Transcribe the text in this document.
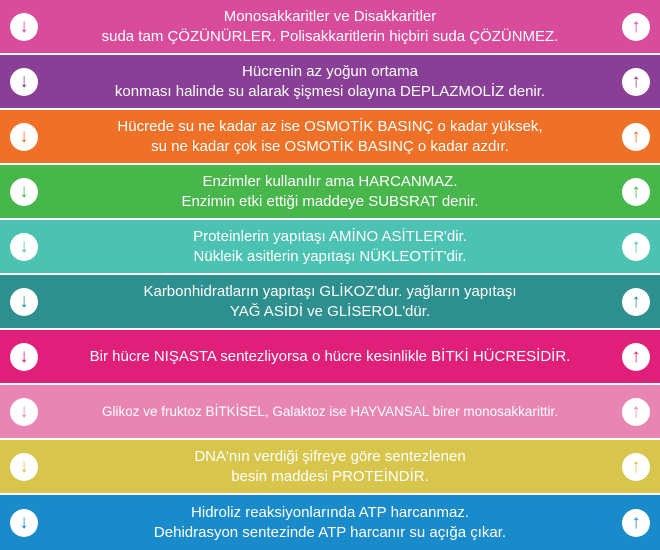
↓	Monosakkaritler ve Disakkaritler
suda tam ÇÖZÜNÜRLER. Polisakkaritlerin hiçbiri suda ÇÖZÜNMEZ.	↑
↓	Hücrenin az yoğun ortama
konması halinde su alarak şişmesi olayına DEPLAZMOLİZ denir.	↑
↓	Hücrede su ne kadar az ise OSMOTİK BASINÇ o kadar yüksek,
su ne kadar çok ise OSMOTİK BASINÇ o kadar azdır.	↑
↓	Enzimler kullanılır ama HARCANMAZ.
Enzimin etki ettiği maddeye SUBSRAT denir.	↑
↓	Proteinlerin yapıtaşı AMİNO ASİTLER'dir.
Nükleik asitlerin yapıtaşı NÜKLEOTİT'dir.	↑
↓	Karbonhidratların yapıtaşı GLİKOZ'dur. yağların yapıtaşı
YAĞ ASİDİ ve GLİSEROL'dür.	↑
↓	Bir hücre NIŞASTA sentezliyorsa o hücre kesinlikle BİTKİ HÜCRESİDİR.	↑
↓	Glikoz ve fruktoz BİTKİSEL, Galaktoz ise HAYVANSAL birer monosakkarittir.	↑
↓	DNA'nın verdiği şifreye göre sentezlenen
besin maddesi PROTEİNDİR.	↑
↓	Hidroliz reaksiyonlarında ATP harcanmaz.
Dehidrasyon sentezinde ATP harcanır su açığa çıkar.	↑
